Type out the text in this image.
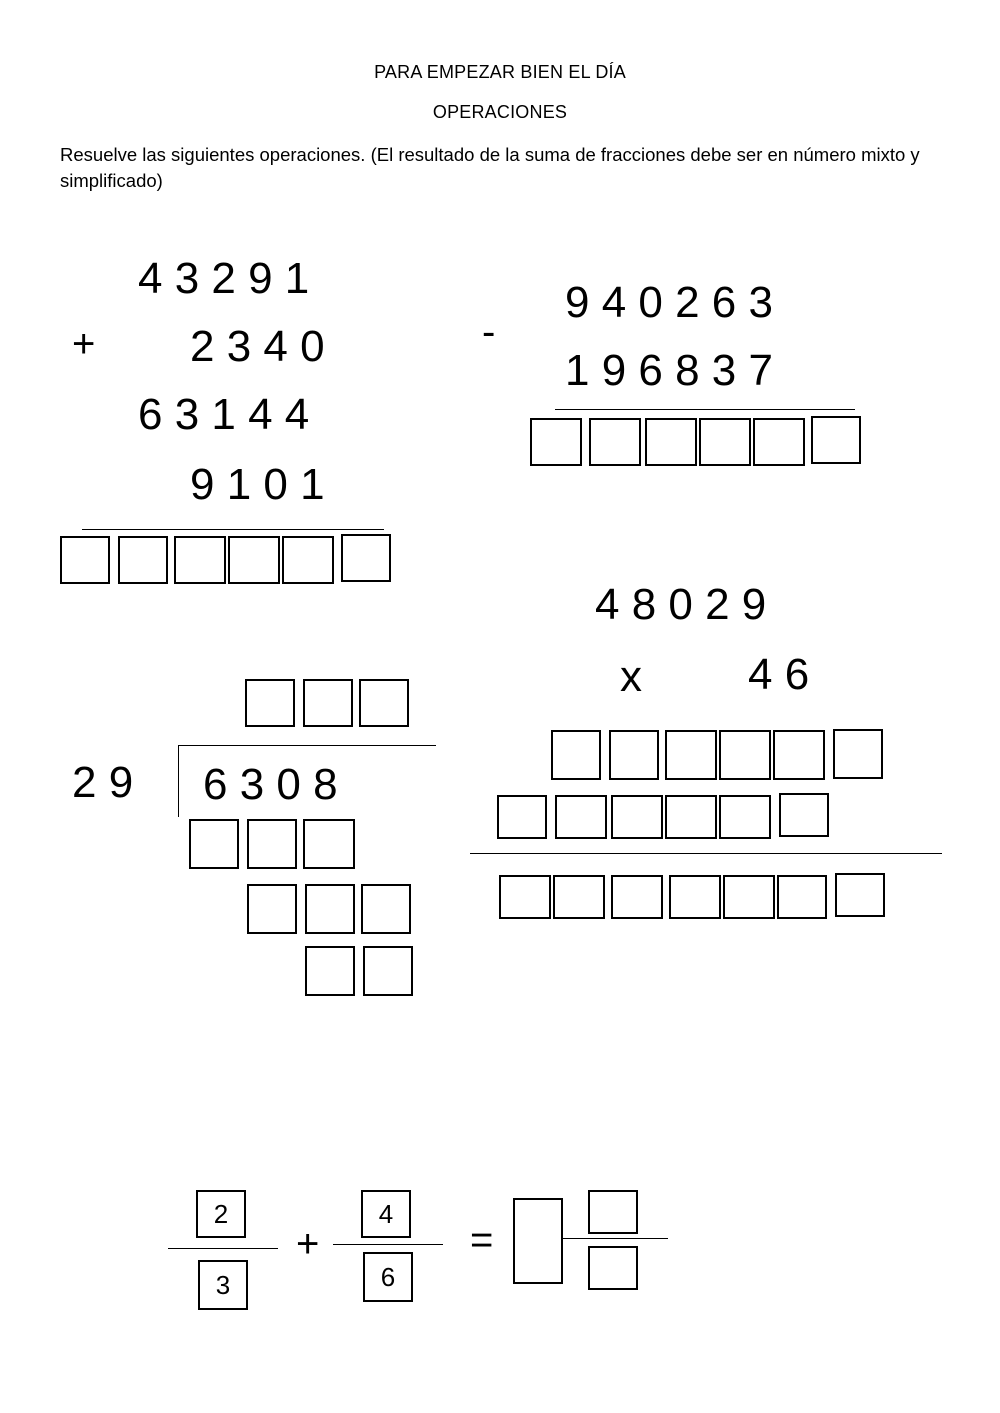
PARA EMPEZAR BIEN EL DÍA
OPERACIONES
Resuelve las siguientes operaciones. (El resultado de la suma de fracciones debe ser en número mixto y simplificado)
4 3 2 9 1
+ 2 3 4 0
6 3 1 4 4
9 1 0 1
-
9 4 0 2 6 3
1 9 6 8 3 7
4 8 0 2 9
x 4 6
2 9 6 3 0 8
2
3
+
4
6
=
